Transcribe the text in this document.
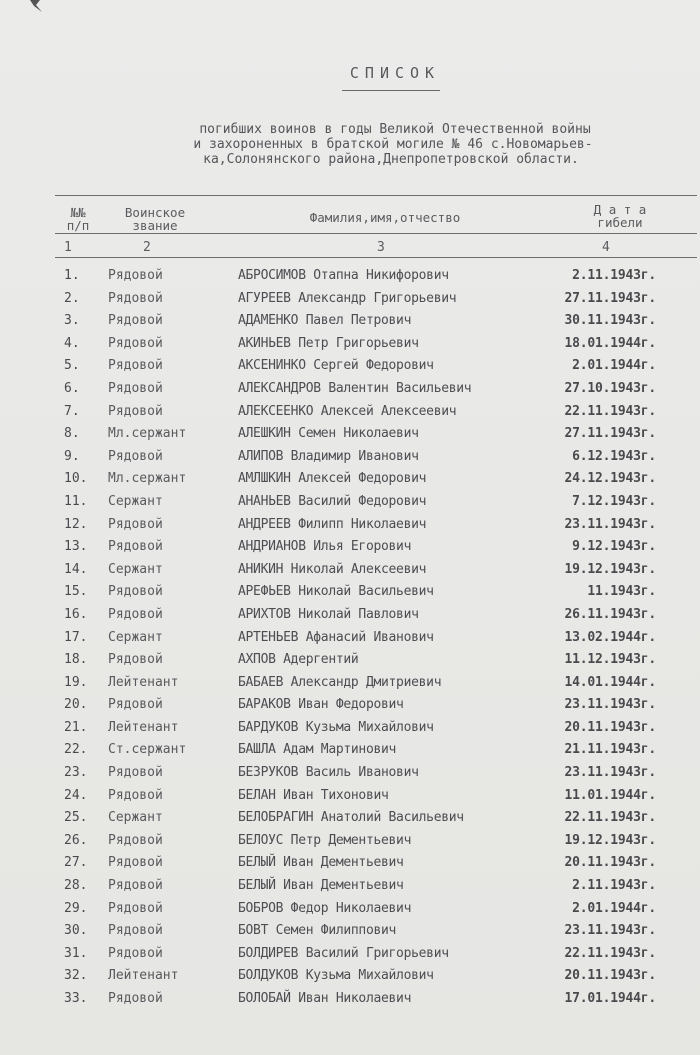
СПИСОК
погибших воинов в годы Великой Отечественной войны
и захороненных в братской могиле № 46 с.Новомарьев-
ка,Солонянского района,Днепропетровской области.
№№
п/п
Воинское
звание
Фамилия,имя,отчество
Д а т а
гибели
1	2	3	4
1. Рядовой	АБРОСИМОВ Отапна Никифорович	2.11.1943г.
2. Рядовой	АГУРЕЕВ Александр Григорьевич	27.11.1943г.
3. Рядовой	АДАМЕНКО Павел Петрович	30.11.1943г.
4. Рядовой	АКИНЬЕВ Петр Григорьевич	18.01.1944г.
5. Рядовой	АКСЕНИНКО Сергей Федорович	2.01.1944г.
6. Рядовой	АЛЕКСАНДРОВ Валентин Васильевич	27.10.1943г.
7. Рядовой	АЛЕКСЕЕНКО Алексей Алексеевич	22.11.1943г.
8. Мл.сержант	АЛЕШКИН Семен Николаевич	27.11.1943г.
9. Рядовой	АЛИПОВ Владимир Иванович	6.12.1943г.
10. Мл.сержант	АМЛШКИН Алексей Федорович	24.12.1943г.
11. Сержант	АНАНЬЕВ Василий Федорович	7.12.1943г.
12. Рядовой	АНДРЕЕВ Филипп Николаевич	23.11.1943г.
13. Рядовой	АНДРИАНОВ Илья Егорович	9.12.1943г.
14. Сержант	АНИКИН Николай Алексеевич	19.12.1943г.
15. Рядовой	АРЕФЬЕВ Николай Васильевич	11.1943г.
16. Рядовой	АРИХТОВ Николай Павлович	26.11.1943г.
17. Сержант	АРТЕНЬЕВ Афанасий Иванович	13.02.1944г.
18. Рядовой	АХПОВ Адергентий	11.12.1943г.
19. Лейтенант	БАБАЕВ Александр Дмитриевич	14.01.1944г.
20. Рядовой	БАРАКОВ Иван Федорович	23.11.1943г.
21. Лейтенант	БАРДУКОВ Кузьма Михайлович	20.11.1943г.
22. Ст.сержант	БАШЛА Адам Мартинович	21.11.1943г.
23. Рядовой	БЕЗРУКОВ Василь Иванович	23.11.1943г.
24. Рядовой	БЕЛАН Иван Тихонович	11.01.1944г.
25. Сержант	БЕЛОБРАГИН Анатолий Васильевич	22.11.1943г.
26. Рядовой	БЕЛОУС Петр Дементьевич	19.12.1943г.
27. Рядовой	БЕЛЫЙ Иван Дементьевич	20.11.1943г.
28. Рядовой	БЕЛЫЙ Иван Дементьевич	2.11.1943г.
29. Рядовой	БОБРОВ Федор Николаевич	2.01.1944г.
30. Рядовой	БОВТ Семен Филиппович	23.11.1943г.
31. Рядовой	БОЛДИРЕВ Василий Григорьевич	22.11.1943г.
32. Лейтенант	БОЛДУКОВ Кузьма Михайлович	20.11.1943г.
33. Рядовой	БОЛОБАЙ Иван Николаевич	17.01.1944г.
